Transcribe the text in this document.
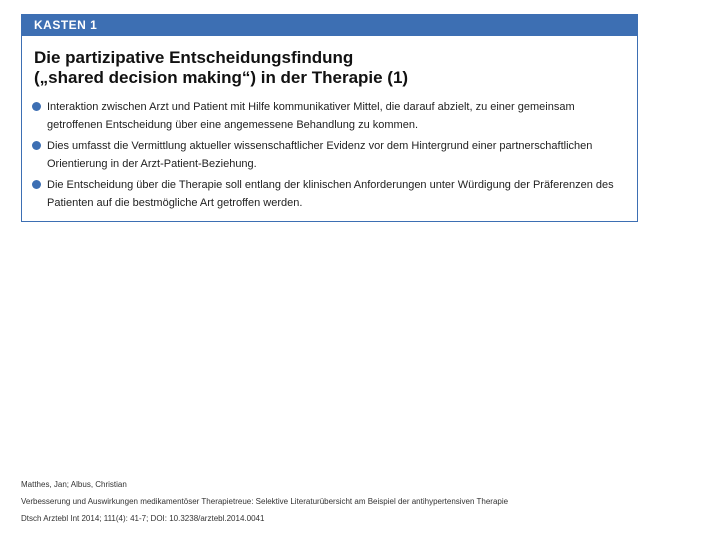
KASTEN 1
Die partizipative Entscheidungsfindung
(„shared decision making“) in der Therapie (1)
Interaktion zwischen Arzt und Patient mit Hilfe kommunikativer Mittel, die darauf abzielt, zu einer gemeinsam getroffenen Entscheidung über eine angemessene Behandlung zu kommen.
Dies umfasst die Vermittlung aktueller wissenschaftlicher Evidenz vor dem Hintergrund einer partnerschaftlichen Orientierung in der Arzt-Patient-Beziehung.
Die Entscheidung über die Therapie soll entlang der klinischen Anforderungen unter Würdigung der Präferenzen des Patienten auf die bestmögliche Art getroffen werden.
Matthes, Jan; Albus, Christian
Verbesserung und Auswirkungen medikamentöser Therapietreue: Selektive Literaturübersicht am Beispiel der antihypertensiven Therapie
Dtsch Arztebl Int 2014; 111(4): 41-7; DOI: 10.3238/arztebl.2014.0041
